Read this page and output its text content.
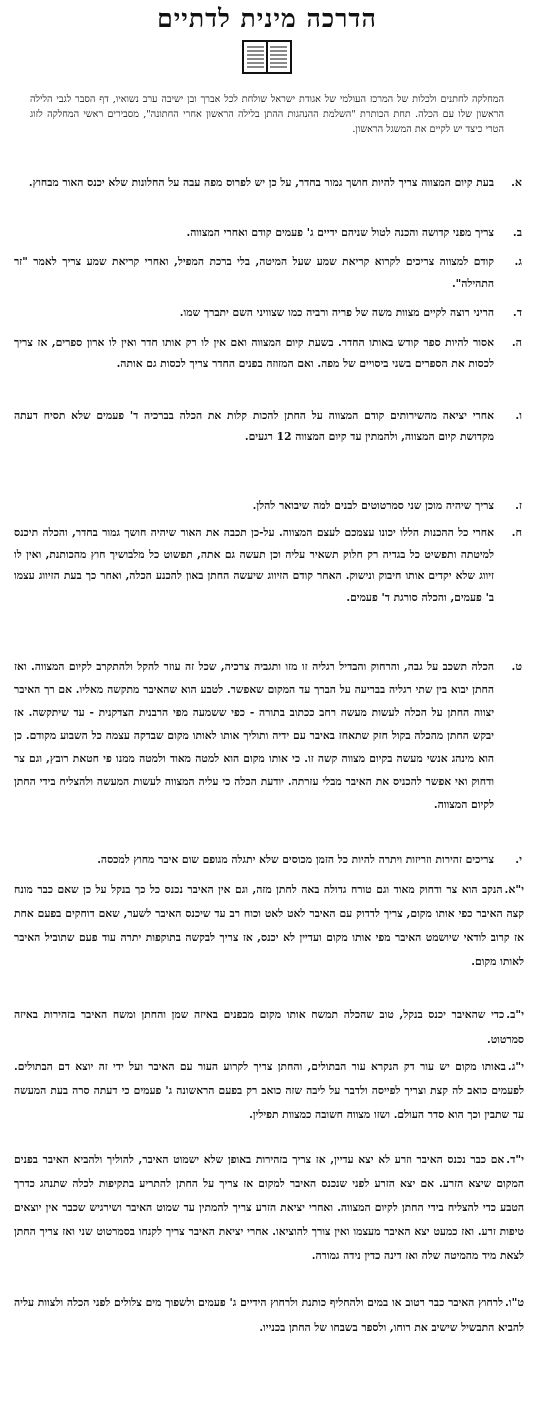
הדרכה מינית לדתיים
המחלקה לחתנים ולכלות של המרכז העולמי של אגודת ישראל שולחת לכל אברך ובן ישיבה ערב נשואיו, דף הסבר לגבי הלילה הראשון שלו עם הכלה. תחת הכותרת "השלמת ההנהגות ההתן בלילה הראשון אחרי החתונה", מסבירים ראשי המחלקה לזוג הטרי כיצד יש לקיים את המשגל הראשון.
א.
בעת קיום המצווה צריך להיות חושך גמור בחדר, על כן יש לפרוס מפה עבה על החלונות שלא יכנס האור מבחוץ.
ב.
צריך מפני קדושה והכנה לטול שניהם ידיים ג' פעמים קודם ואחרי המצווה.
ג.
קודם למצווה צריכים לקרוא קריאת שמע שעל המיטה, בלי ברכת המפיל, ואחרי קריאת שמע צריך לאמר "זר התהילה".
ד.
הריני רוצה לקיים מצוות משה של פריה ורביה כמו שצוויני השם יתברך שמו.
ה.
אסור להיות ספר קודש באותו החדר. בשעת קיום המצווה ואם אין לו רק אותו חדר ואין לו ארון ספרים, אז צריך לכסות את הספרים בשני ביסויים של מפה. ואם המזוזה בפנים החדר צריך לכסות גם אותה.
ו.
אחרי יציאה מהשירותים קודם המצווה על החתן להכות קלות את הכלה בברכיה ד' פעמים שלא תסיח דעתה מקדושת קיום המצווה, ולהמתין עד קיום המצווה 12 רגעים.
ז.
צריך שיהיה מוכן שני סמרטוטים לבנים למה שיבואר להלן.
ח.
אחרי כל ההכנות הללו יכונו עצמכם לעצם המצווה. על-כן תכבה את האור שיהיה חושך גמור בחדר, והכלה תיכנס למיטתה ותפשיט כל בגדיה רק חלוק תשאיר עליה וכן תעשה גם אתה, תפשוט כל מלבושיך חוץ מהכותנת, ואין לו זיווג שלא יקדים אותו חיבוק ונישוק. האחר קודם הזיווג שיעשה החתן באון להכנע הכלה, ואחר כך בעת הזיווג עצמו ב' פעמים, והכלה סורגת ד' פעמים.
ט.
הכלה תשכב על גבה, והרחוק והבדיל רגליה זו מזו ותגביה צרכיה, שכל זה עוזר להקל ולהתקרב לקיום המצווה. ואז החתן יבוא בין שתי רגליה בבריעה על הברך עד המקום שאפשר. לטבע הוא שהאיבר מתקשה מאליו. אם רך האיבר יצווה החתן על הכלה לעשות מעשה רחב ככתוב בתורה - כפי ששמעה מפי הרבנית הצדקנית - עד שיתקשה. אז יבקש החתן מהכלה בקול חזק שתאחז באיבר עם ידיה ותוליך אותו לאותו מקום שבדקה עצמה כל השבוע מקודם. כן הוא מינהג אנשי מעשה בקיום מצווה קשה זו. כי אותו מקום הוא למטה מאוד ולמטה ממנו פי חטאת רובץ, וגם צר ודחוק ואי אפשר להכניס את האיבר מבלי עזרתה. יודעת הכלה כי עליה המצווה לעשות המעשה ולהצליח בידי החתן לקיום המצווה.
י.
צריכים זהירות וזריזות ויתרה להיות כל הזמן מכוסים שלא יתגלה מגופם שום איבר מחוץ למכסה.
י"א.הנקב הוא צר ודחוק מאוד וגם טורח גדולה באה לחתן מזה, וגם אין האיבר נכנס כל כך בנקל על כן שאם כבר מונח קצה האיבר כפי אותו מקום, צריך לדדוק עם האיבר לאט לאט וכוח רב עד שיכנס האיבר לשער, שאם דוחקים בפעם אחת אז קרוב לודאי שיושמט האיבר מפי אותו מקום ועדיין לא יכנס, אז צריך לבקשה בתוקפות יתרה עוד פעם שתוביל האיבר לאותו מקום.
י"ב.כדי שהאיבר יכנס בנקל, טוב שהכלה תמשח אותו מקום מבפנים באיזה שמן והחתן ומשח האיבר בזהירות באיזה סמרטוט.
י"ג.באותו מקום יש עור דק הנקרא עור הבתולים, והחתן צריך לקרוע העור עם האיבר ועל ידי זה יוצא דם הבתולים. לפעמים כואב לה קצת וצריך לפייסה ולדבר על ליבה שזה כואב רק בפעם הראשונה ג' פעמים כי דעתה סרה בעת המעשה עד שתבין וכך הוא סדר העולם. ושזו מצווה חשובה כמצוות תפילין.
י"ד.אם כבר נכנס האיבר וזרע לא יצא עדיין, אז צריך בזהירות באופן שלא ישמוט האיבר, להוליך ולהביא האיבר בפנים המקום שיצא הזרע. אם יצא הזרע לפני שנכנס האיבר למקום אז צריך על החתן להתריע בתקיפות לכלה שתנהג כדרך הטבע כדי להצליח בידי החתן לקיום המצווה. ואחרי יציאת הזרע צריך להמתין עד שמוט האיבר ושירגיש שכבר אין יוצאים טיפות זרע. ואז כמעט יצא האיבר מעצמו ואין צורך להוציאו. אחרי יציאת האיבר צריך לקנחו בסמרטוט שני ואז צריך החתן לצאת מיד מהמיטה שלה ואז דינה כדין נידה גמורה.
ט"ו.לרחוץ האיבר כבר רטוב או במים ולהחליף כותנת ולרחוץ הידיים ג' פעמים ולשפוך מים צלולים לפני הכלה ולצוות עליה להביא התבשיל שישיב את רוחו, ולספר בשבחו של החתן בכנייו.
